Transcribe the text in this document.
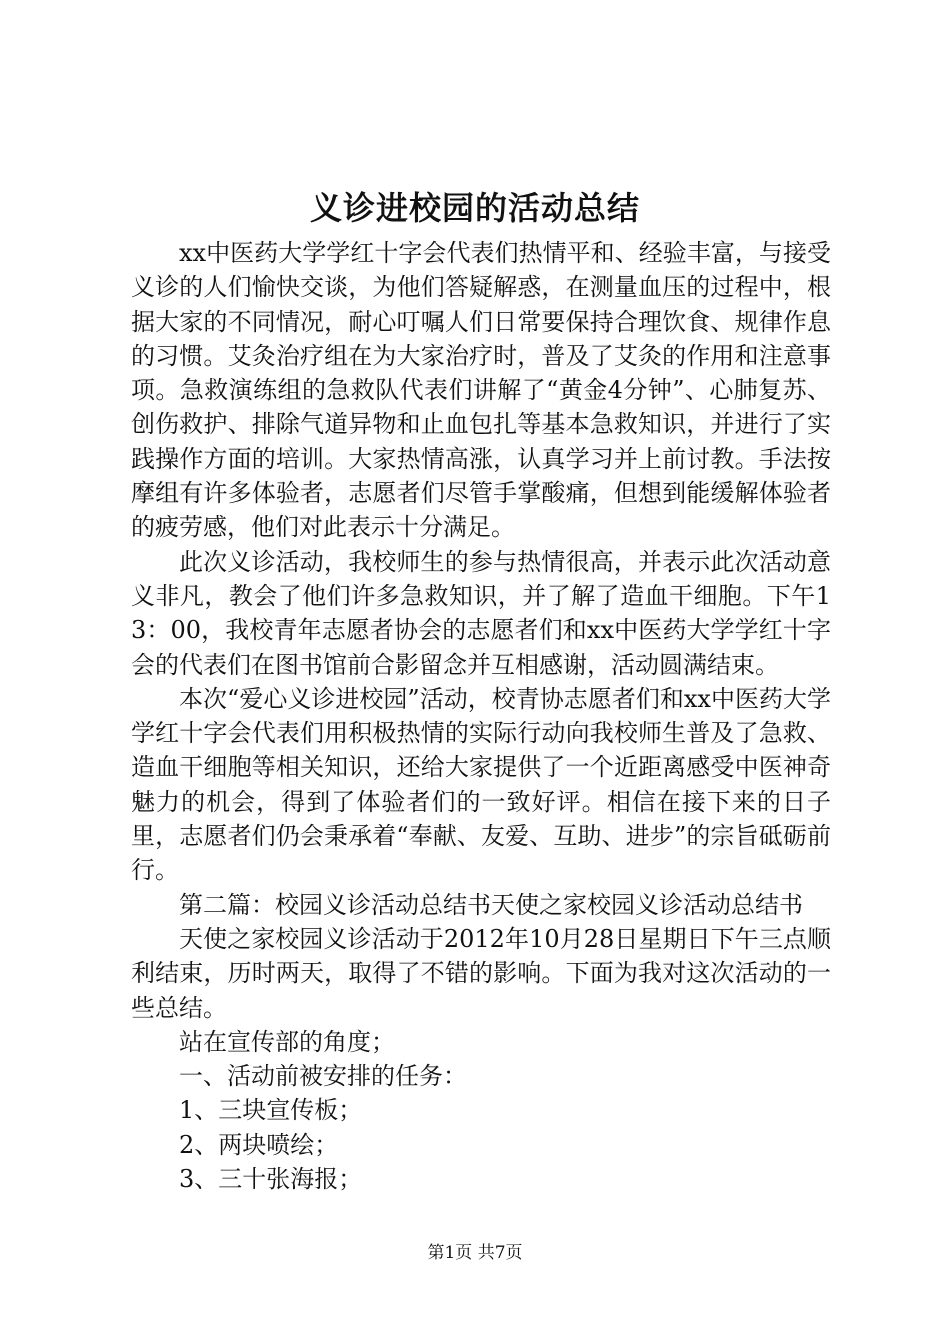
义诊进校园的活动总结

xx中医药大学学红十字会代表们热情平和、经验丰富，与接受义诊的人们愉快交谈，为他们答疑解惑，在测量血压的过程中，根据大家的不同情况，耐心叮嘱人们日常要保持合理饮食、规律作息的习惯。艾灸治疗组在为大家治疗时，普及了艾灸的作用和注意事项。急救演练组的急救队代表们讲解了“黄金4分钟”、心肺复苏、创伤救护、排除气道异物和止血包扎等基本急救知识，并进行了实践操作方面的培训。大家热情高涨，认真学习并上前讨教。手法按摩组有许多体验者，志愿者们尽管手掌酸痛，但想到能缓解体验者的疲劳感，他们对此表示十分满足。

此次义诊活动，我校师生的参与热情很高，并表示此次活动意义非凡，教会了他们许多急救知识，并了解了造血干细胞。下午13：00，我校青年志愿者协会的志愿者们和xx中医药大学学红十字会的代表们在图书馆前合影留念并互相感谢，活动圆满结束。

本次“爱心义诊进校园”活动，校青协志愿者们和xx中医药大学学红十字会代表们用积极热情的实际行动向我校师生普及了急救、造血干细胞等相关知识，还给大家提供了一个近距离感受中医神奇魅力的机会，得到了体验者们的一致好评。相信在接下来的日子里，志愿者们仍会秉承着“奉献、友爱、互助、进步”的宗旨砥砺前行。

第二篇：校园义诊活动总结书天使之家校园义诊活动总结书

天使之家校园义诊活动于2012年10月28日星期日下午三点顺利结束，历时两天，取得了不错的影响。下面为我对这次活动的一些总结。

站在宣传部的角度；

一、活动前被安排的任务：

1、三块宣传板；

2、两块喷绘；

3、三十张海报；

第1页 共7页
